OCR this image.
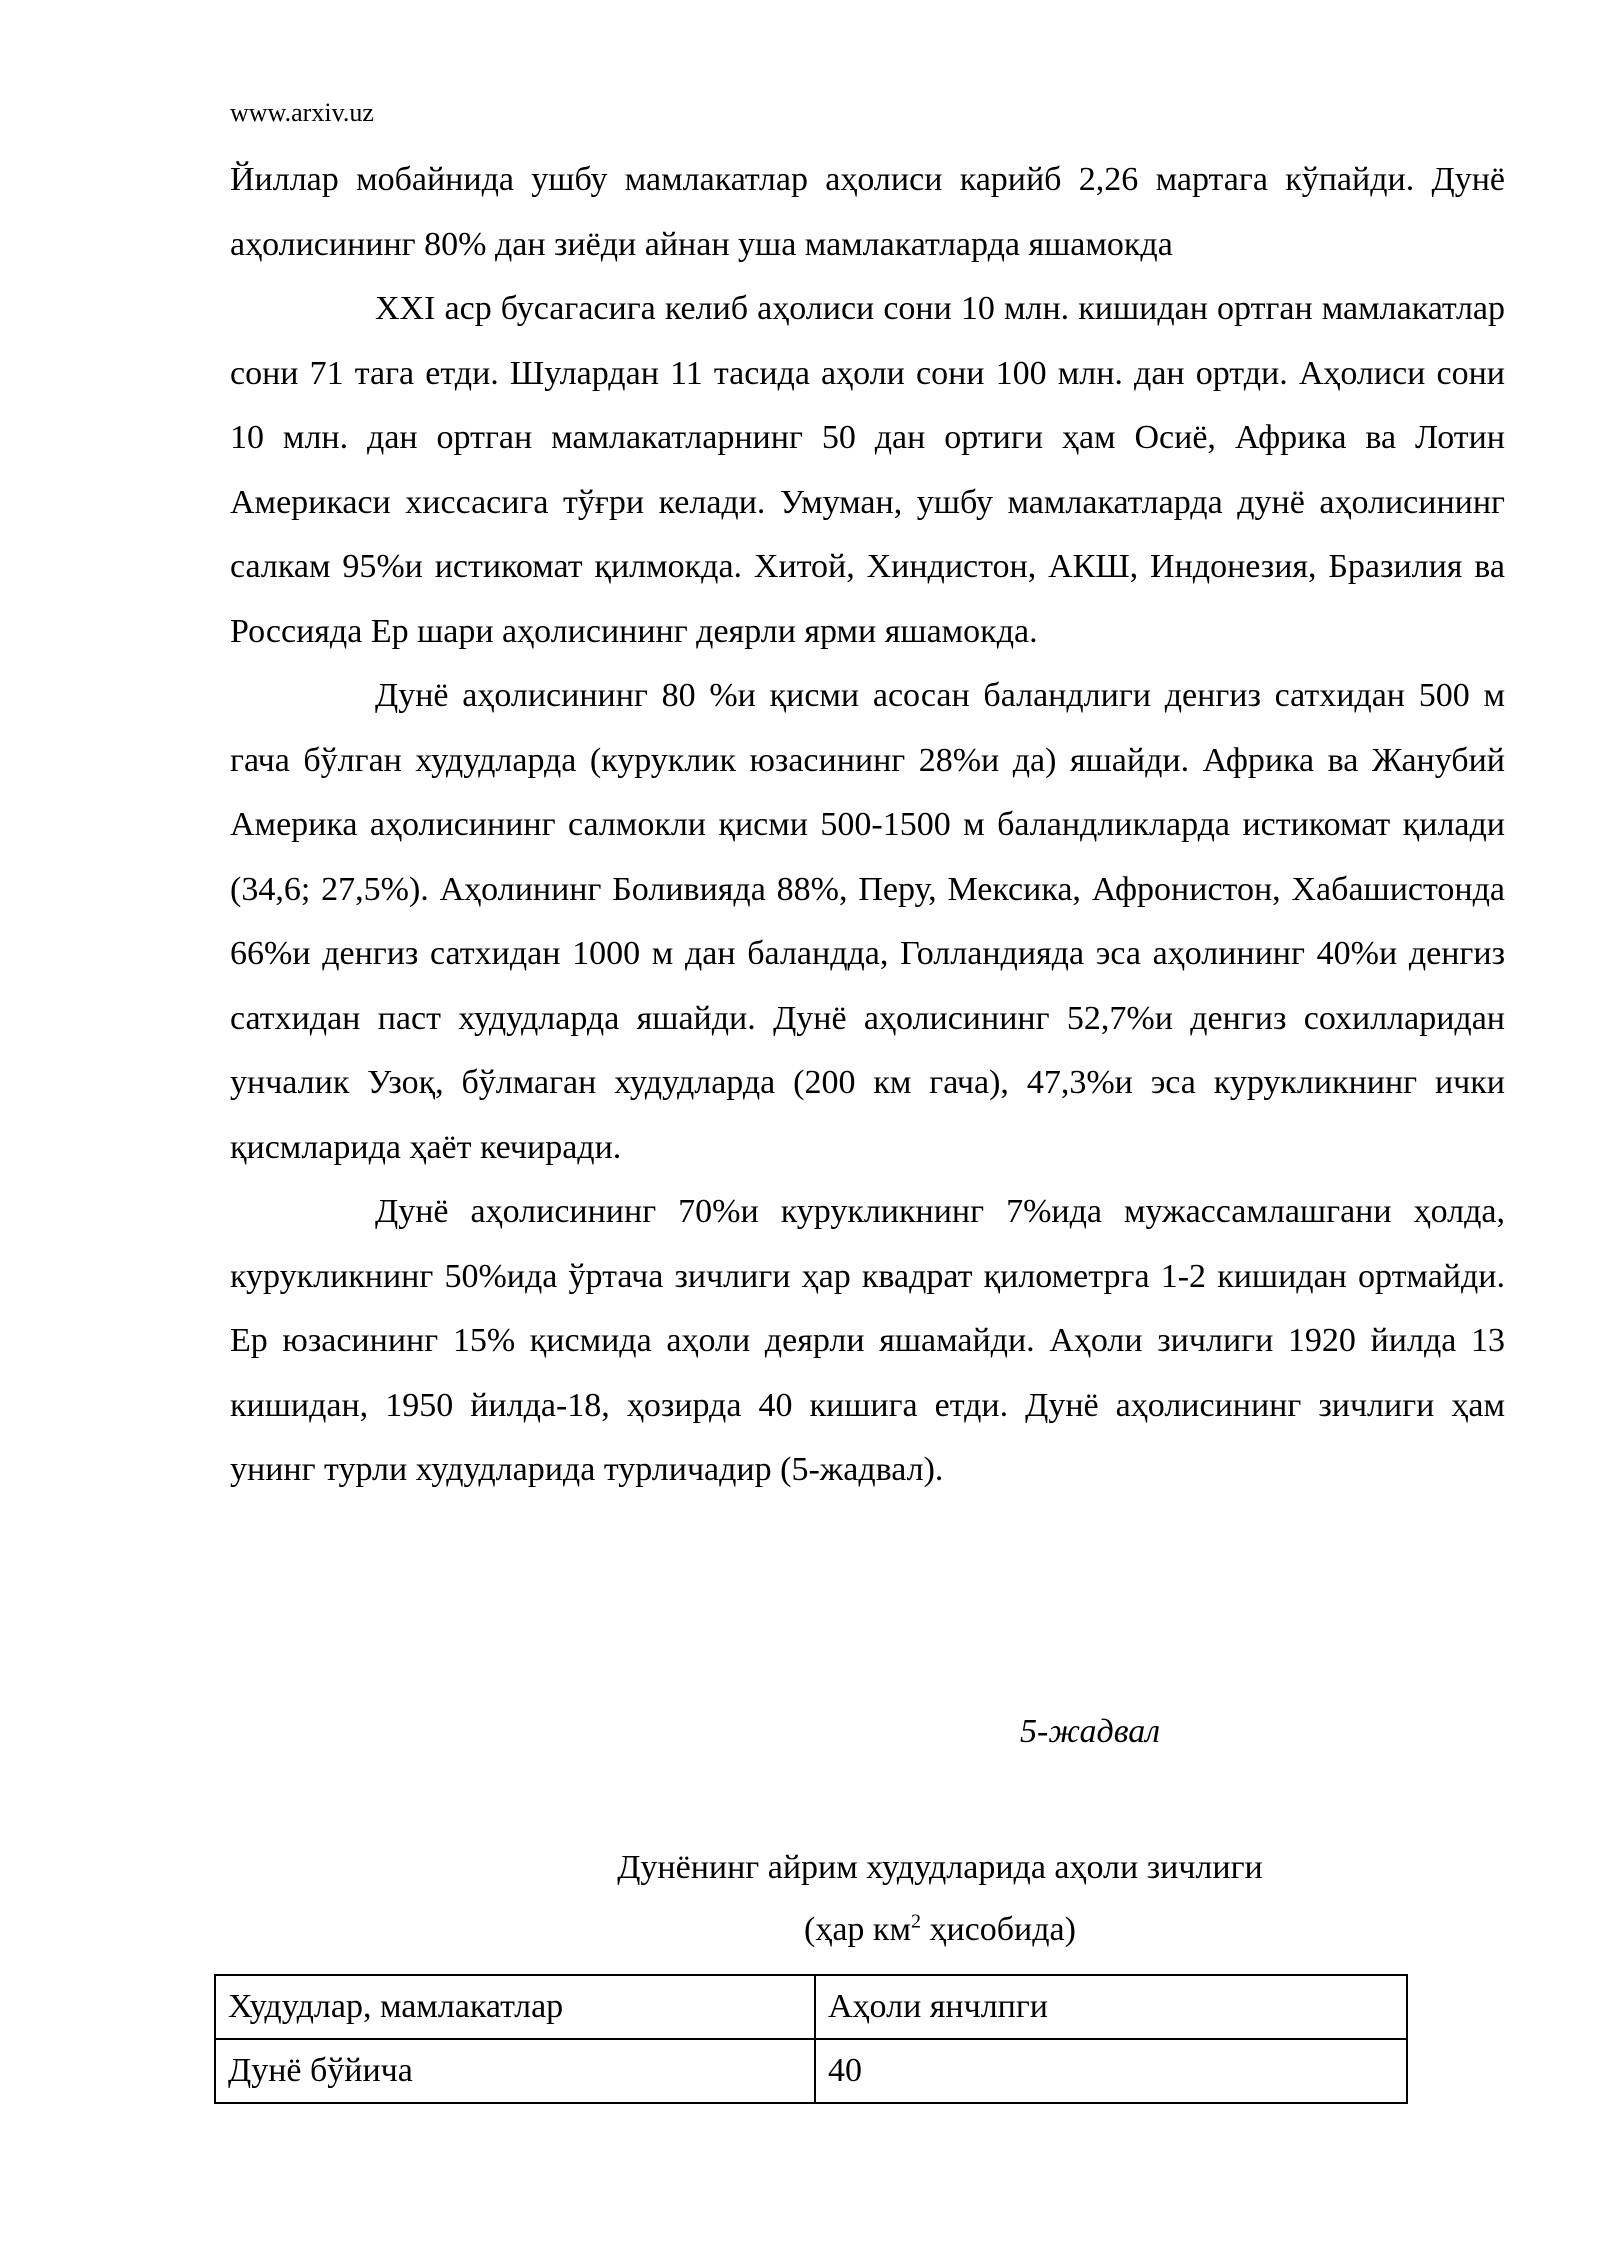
www.arxiv.uz

Йиллар мобайнида ушбу мамлакатлар аҳолиси карийб 2,26 мартага кўпайди. Дунё аҳолисининг 80% дан зиёди айнан уша мамлакатларда яшамокда

XXI аср бусагасига келиб аҳолиси сони 10 млн. кишидан ортган мамлакатлар сони 71 тага етди. Шулардан 11 тасида аҳоли сони 100 млн. дан ортди. Аҳолиси сони 10 млн. дан ортган мамлакатларнинг 50 дан ортиги ҳам Осиё, Африка ва Лотин Америкаси хиссасига тўғри келади. Умуман, ушбу мамлакатларда дунё аҳолисининг салкам 95%и истикомат қилмокда. Хитой, Хиндистон, АКШ, Индонезия, Бразилия ва Россияда Ер шари аҳолисининг деярли ярми яшамокда.

Дунё аҳолисининг 80 %и қисми асосан баландлиги денгиз сатхидан 500 м гача бўлган худудларда (куруклик юзасининг 28%и да) яшайди. Африка ва Жанубий Америка аҳолисининг салмокли қисми 500-1500 м баландликларда истикомат қилади (34,6; 27,5%). Аҳолининг Боливияда 88%, Перу, Мексика, Афронистон, Хабашистонда 66%и денгиз сатхидан 1000 м дан баландда, Голландияда эса аҳолининг 40%и денгиз сатхидан паст худудларда яшайди. Дунё аҳолисининг 52,7%и денгиз сохилларидан унчалик Узоқ, бўлмаган худудларда (200 км гача), 47,3%и эса курукликнинг ички қисмларида ҳаёт кечиради.

Дунё аҳолисининг 70%и курукликнинг 7%ида мужассамлашгани ҳолда, курукликнинг 50%ида ўртача зичлиги ҳар квадрат қилометрга 1-2 кишидан ортмайди. Ер юзасининг 15% қисмида аҳоли деярли яшамайди. Аҳоли зичлиги 1920 йилда 13 кишидан, 1950 йилда-18, ҳозирда 40 кишига етди. Дунё аҳолисининг зичлиги ҳам унинг турли худудларида турличадир (5-жадвал).

5-жадвал
Дунёнинг айрим худудларида аҳоли зичлиги
(ҳар $км^2$ ҳисобида)
Худудлар, мамлакатлар	Аҳоли янчлпги
Дунё бўйича	40
